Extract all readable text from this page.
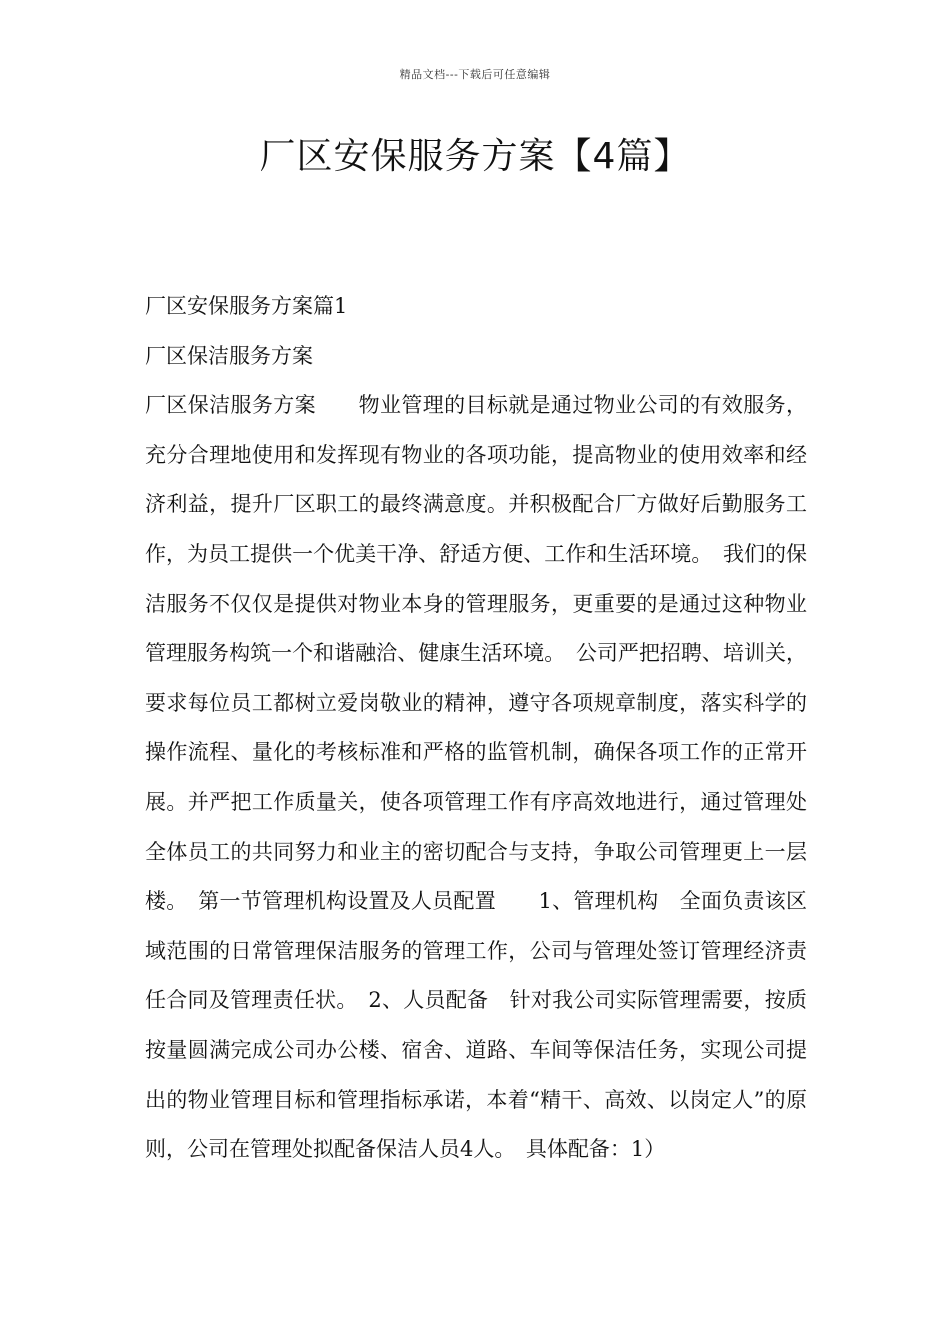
精品文档---下载后可任意编辑
厂区安保服务方案【4篇】

厂区安保服务方案篇1

厂区保洁服务方案

厂区保洁服务方案　　物业管理的目标就是通过物业公司的有效服务，充分合理地使用和发挥现有物业的各项功能，提高物业的使用效率和经济利益，提升厂区职工的最终满意度。并积极配合厂方做好后勤服务工作，为员工提供一个优美干净、舒适方便、工作和生活环境。　我们的保洁服务不仅仅是提供对物业本身的管理服务，更重要的是通过这种物业管理服务构筑一个和谐融洽、健康生活环境。　公司严把招聘、培训关，要求每位员工都树立爱岗敬业的精神，遵守各项规章制度，落实科学的操作流程、量化的考核标准和严格的监管机制，确保各项工作的正常开展。并严把工作质量关，使各项管理工作有序高效地进行，通过管理处全体员工的共同努力和业主的密切配合与支持，争取公司管理更上一层楼。　第一节管理机构设置及人员配置　　1、管理机构　全面负责该区域范围的日常管理保洁服务的管理工作，公司与管理处签订管理经济责任合同及管理责任状。　2、人员配备　针对我公司实际管理需要，按质按量圆满完成公司办公楼、宿舍、道路、车间等保洁任务，实现公司提出的物业管理目标和管理指标承诺，本着“精干、高效、以岗定人”的原则，公司在管理处拟配备保洁人员4人。　具体配备：1）
